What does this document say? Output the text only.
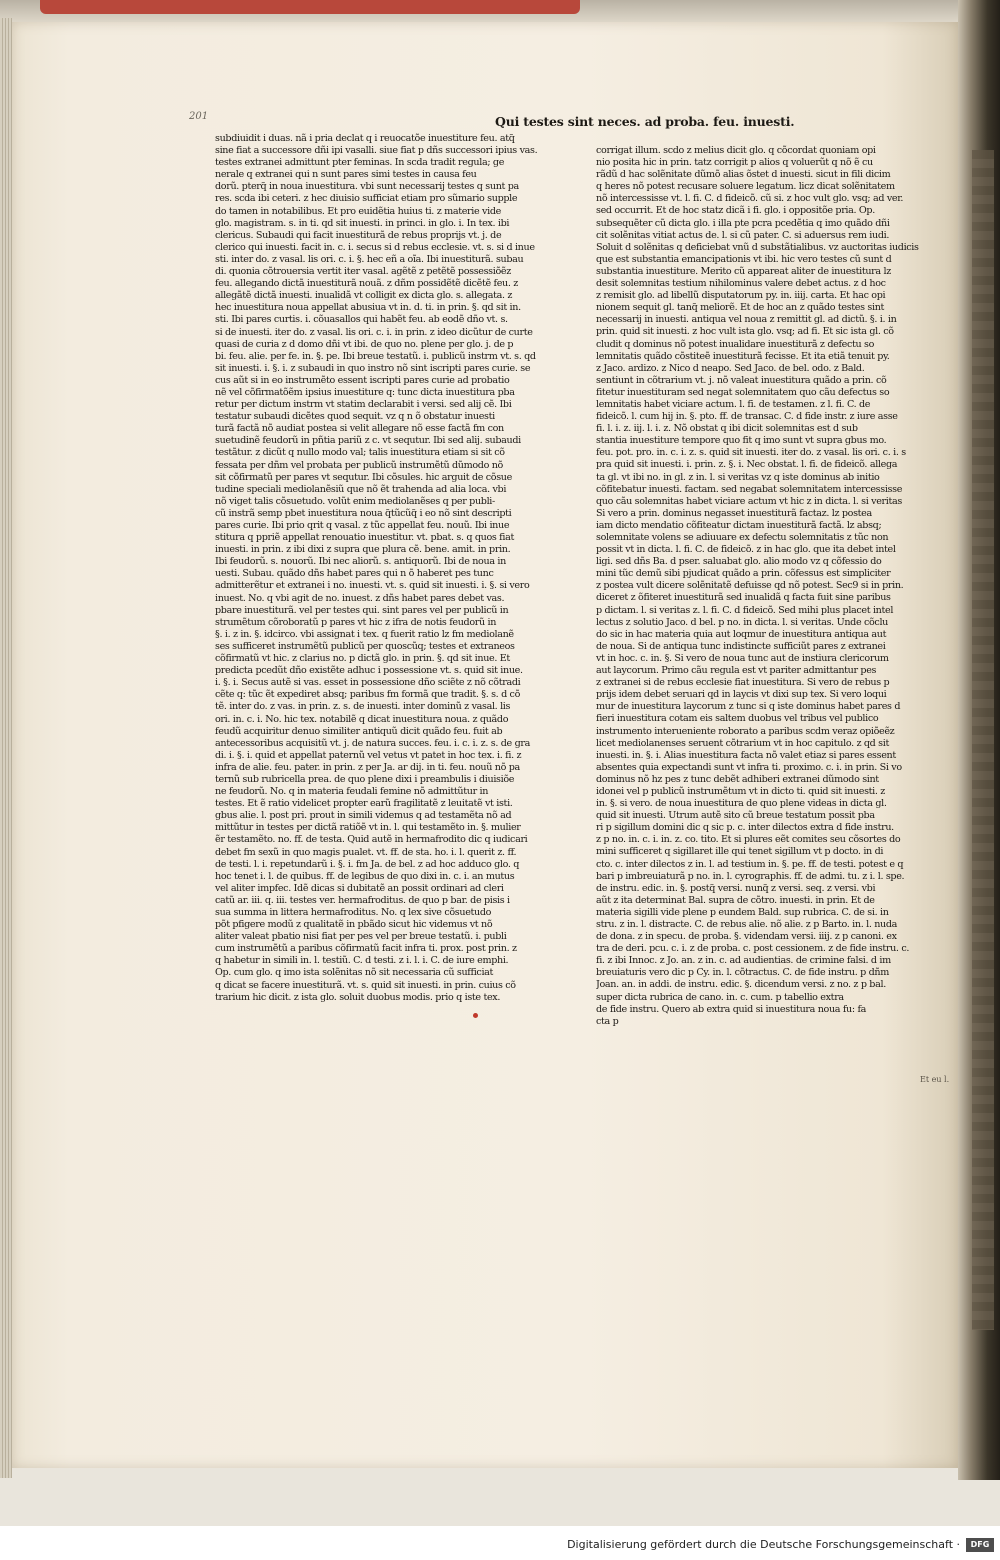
201	Qui testes sint neces. ad proba. feu. inuesti.
subdiuidit i duas. nã i pria declat q i reuocatõe inuestiture feu. atq̃
sine fiat a successore dñi ipi vasalli. siue fiat p dñs successori ipius vas.
testes extranei admittunt pter feminas. In scda tradit regula; ge
nerale q extranei qui n sunt pares simi testes in causa feu
dorũ. pterq̃ in noua inuestitura. vbi sunt necessarij testes q sunt pa
res. scda ibi ceteri. z hec diuisio sufficiat etiam pro sũmario supple
do tamen in notabilibus. Et pro euidẽtia huius ti. z materie vide
glo. magistram. s. in ti. qd sit inuesti. in princi. in glo. i. In tex. ibi
clericus. Subaudi qui facit inuestiturã de rebus proprijs vt. j. de
clerico qui inuesti. facit in. c. i. secus si d rebus ecclesie. vt. s. si d inue
sti. inter do. z vasal. lis ori. c. i. §. hec eñ a oĩa. Ibi inuestiturã. subau
di. quonia cõtrouersia vertit iter vasal. agẽtẽ z petẽtẽ possessiõẽz
feu. allegando dictã inuestiturã nouã. z dñm possidẽtẽ dicẽtẽ feu. z
allegãtẽ dictã inuesti. inualidã vt colligit ex dicta glo. s. allegata. z
hec inuestitura noua appellat abusiua vt in. d. ti. in prin. §. qd sit in.
sti. Ibi pares curtis. i. cõuasallos qui habẽt feu. ab eodẽ dño vt. s.
si de inuesti. iter do. z vasal. lis ori. c. i. in prin. z ideo dicũtur de curte
quasi de curia z d domo dñi vt ibi. de quo no. plene per glo. j. de p
bi. feu. alie. per fe. in. §. pe. Ibi breue testatũ. i. publicũ instrm vt. s. qd
sit inuesti. i. §. i. z subaudi in quo instro nõ sint iscripti pares curie. se
cus aũt si in eo instrumẽto essent iscripti pares curie ad probatio
nẽ vel cõfirmatõẽm ipsius inuestiture q: tunc dicta inuestitura pba
retur per dictum instrm vt statim declarabit i versi. sed alij cẽ. Ibi
testatur subaudi dicẽtes quod sequit. vz q n õ obstatur inuesti
turã factã nõ audiat postea si velit allegare nõ esse factã fm con
suetudinẽ feudorũ in pñtia pariũ z c. vt sequtur. Ibi sed alij. subaudi
testãtur. z dicũt q nullo modo val; talis inuestitura etiam si sit cõ
fessata per dñm vel probata per publicũ instrumẽtũ dũmodo nõ
sit cõfirmatũ per pares vt sequtur. Ibi cõsules. hic arguit de cõsue
tudine speciali mediolanẽsiũ que nõ ẽt trahenda ad alia loca. vbi
nõ viget talis cõsuetudo. volũt enim mediolanẽses q per publi-
cũ instrã semp pbet inuestitura noua q̃tũcũq̃ i eo nõ sint descripti
pares curie. Ibi prio qrit q vasal. z tũc appellat feu. nouũ. Ibi inue
stitura q ppriẽ appellat renouatio inuestitur. vt. pbat. s. q quos fiat
inuesti. in prin. z ibi dixi z supra que plura cẽ. bene. amit. in prin.
Ibi feudorũ. s. nouorũ. Ibi nec aliorũ. s. antiquorũ. Ibi de noua in
uesti. Subau. quãdo dñs habet pares qui n õ haberet pes tunc
admitterẽtur et extranei i no. inuesti. vt. s. quid sit inuesti. i. §. si vero
inuest. No. q vbi agit de no. inuest. z dñs habet pares debet vas.
pbare inuestiturã. vel per testes qui. sint pares vel per publicũ in
strumẽtum cõroboratũ p pares vt hic z ifra de notis feudorũ in
§. i. z in. §. idcirco. vbi assignat i tex. q fuerit ratio lz fm mediolanẽ
ses sufficeret instrumẽtũ publicũ per quoscũq; testes et extraneos
cõfirmatũ vt hic. z clarius no. p dictã glo. in prin. §. qd sit inue. Et
predicta pcedũt dño existẽte adhuc i possessione vt. s. quid sit inue.
i. §. i. Secus autẽ si vas. esset in possessione dño sciẽte z nõ cõtradi
cẽte q: tũc ẽt expediret absq; paribus fm formã que tradit. §. s. d cõ
tẽ. inter do. z vas. in prin. z. s. de inuesti. inter dominũ z vasal. lis
ori. in. c. i. No. hic tex. notabilẽ q dicat inuestitura noua. z quãdo
feudũ acquiritur denuo similiter antiquũ dicit quãdo feu. fuit ab
antecessoribus acquisitũ vt. j. de natura succes. feu. i. c. i. z. s. de gra
di. i. §. i. quid et appellat paternũ vel vetus vt patet in hoc tex. i. fi. z
infra de alie. feu. pater. in prin. z per Ja. ar dij. in ti. feu. nouũ nõ pa
ternũ sub rubricella prea. de quo plene dixi i preambulis i diuisiõe
ne feudorũ. No. q in materia feudali femine nõ admittũtur in
testes. Et ẽ ratio videlicet propter earũ fragilitatẽ z leuitatẽ vt isti.
gbus alie. l. post pri. prout in simili videmus q ad testamẽta nõ ad
mittũtur in testes per dictã ratiõẽ vt in. l. qui testamẽto in. §. mulier
ẽr testamẽto. no. ff. de testa. Quid autẽ in hermafrodito dic q iudicari
debet fm sexũ in quo magis pualet. vt. ff. de sta. ho. i. l. querit z. ff.
de testi. l. i. repetundarũ i. §. i. fm Ja. de bel. z ad hoc adduco glo. q
hoc tenet i. l. de quibus. ff. de legibus de quo dixi in. c. i. an mutus
vel aliter impfec. Idẽ dicas si dubitatẽ an possit ordinari ad cleri
catũ ar. iii. q. iii. testes ver. hermafroditus. de quo p bar. de pisis i
sua summa in littera hermafroditus. No. q lex sive cõsuetudo
põt pfigere modũ z qualitatẽ in pbãdo sicut hic videmus vt nõ
aliter valeat pbatio nisi fiat per pes vel per breue testatũ. i. publi
cum instrumẽtũ a paribus cõfirmatũ facit infra ti. prox. post prin. z
q habetur in simili in. l. testiũ. C. d testi. z i. l. i. C. de iure emphi.
Op. cum glo. q imo ista solẽnitas nõ sit necessaria cũ sufficiat
q dicat se facere inuestiturã. vt. s. quid sit inuesti. in prin. cuius cõ
trarium hic dicit. z ista glo. soluit duobus modis. prio q iste tex.
corrigat illum. scdo z melius dicit glo. q cõcordat quoniam opi
nio posita hic in prin. tatz corrigit p alios q voluerũt q nõ ẽ cu
rãdũ d hac solẽnitate dũmõ alias õstet d inuesti. sicut in fili dicim
q heres nõ potest recusare soluere legatum. licz dicat solẽnitatem
nõ intercessisse vt. l. fi. C. d fideicõ. cũ si. z hoc vult glo. vsq; ad ver.
sed occurrit. Et de hoc statz dicã i fi. glo. i oppositõe pria. Op.
subsequẽter cũ dicta glo. i illa pte pcra pcedẽtia q imo quãdo dñi
cit solẽnitas vitiat actus de. l. si cũ pater. C. si aduersus rem iudi.
Soluit d solẽnitas q deficiebat vnũ d substãtialibus. vz auctoritas iudicis
que est substantia emancipationis vt ibi. hic vero testes cũ sunt d
substantia inuestiture. Merito cũ appareat aliter de inuestitura lz
desit solemnitas testium nihilominus valere debet actus. z d hoc
z remisit glo. ad libellũ disputatorum py. in. iiij. carta. Et hac opi
nionem sequit gl. tanq̃ meliorẽ. Et de hoc an z quãdo testes sint
necessarij in inuesti. antiqua vel noua z remittit gl. ad dictũ. §. i. in
prin. quid sit inuesti. z hoc vult ista glo. vsq; ad fi. Et sic ista gl. cõ
cludit q dominus nõ potest inualidare inuestiturã z defectu so
lemnitatis quãdo cõstiteẽ inuestiturã fecisse. Et ita etiã tenuit py.
z Jaco. ardizo. z Nico d neapo. Sed Jaco. de bel. odo. z Bald.
sentiunt in cõtrarium vt. j. nõ valeat inuestitura quãdo a prin. cõ
fitetur inuestituram sed negat solemnitatem quo cãu defectus so
lemnitatis habet viciare actum. l. fi. de testamen. z l. fi. C. de
fideicõ. l. cum hij in. §. pto. ff. de transac. C. d fide instr. z iure asse
fi. l. i. z. iij. l. i. z. Nõ obstat q ibi dicit solemnitas est d sub
stantia inuestiture tempore quo fit q imo sunt vt supra gbus mo.
feu. pot. pro. in. c. i. z. s. quid sit inuesti. iter do. z vasal. lis ori. c. i. s
pra quid sit inuesti. i. prin. z. §. i. Nec obstat. l. fi. de fideicõ. allega
ta gl. vt ibi no. in gl. z in. l. si veritas vz q iste dominus ab initio
cõfitebatur inuesti. factam. sed negabat solemnitatem intercessisse
quo cãu solemnitas habet viciare actum vt hic z in dicta. l. si veritas
Si vero a prin. dominus negasset inuestiturã factaz. lz postea
iam dicto mendatio cõfiteatur dictam inuestiturã factã. lz absq;
solemnitate volens se adiuuare ex defectu solemnitatis z tũc non
possit vt in dicta. l. fi. C. de fideicõ. z in hac glo. que ita debet intel
ligi. sed dñs Ba. d pser. saluabat glo. alio modo vz q cõfessio do
mini tũc demũ sibi pjudicat quãdo a prin. cõfessus est simpliciter
z postea vult dicere solẽnitatẽ defuisse qd nõ potest. Sec9 si in prin.
diceret z õfiteret inuestiturã sed inualidã q facta fuit sine paribus
p dictam. l. si veritas z. l. fi. C. d fideicõ. Sed mihi plus placet intel
lectus z solutio Jaco. d bel. p no. in dicta. l. si veritas. Unde cõclu
do sic in hac materia quia aut loqmur de inuestitura antiqua aut
de noua. Si de antiqua tunc indistincte sufficiũt pares z extranei
vt in hoc. c. in. §. Si vero de noua tunc aut de instiura clericorum
aut laycorum. Primo cãu regula est vt pariter admittantur pes
z extranei si de rebus ecclesie fiat inuestitura. Si vero de rebus p
prijs idem debet seruari qd in laycis vt dixi sup tex. Si vero loqui
mur de inuestitura laycorum z tunc si q iste dominus habet pares d
fieri inuestitura cotam eis saltem duobus vel tribus vel publico
instrumento interueniente roborato a paribus scdm veraz opiõeẽz
licet mediolanenses seruent cõtrarium vt in hoc capitulo. z qd sit
inuesti. in. §. i. Alias inuestitura facta nõ valet etiaz si pares essent
absentes quia expectandi sunt vt infra ti. proximo. c. i. in prin. Si vo
dominus nõ hz pes z tunc debẽt adhiberi extranei dũmodo sint
idonei vel p publicũ instrumẽtum vt in dicto ti. quid sit inuesti. z
in. §. si vero. de noua inuestitura de quo plene videas in dicta gl.
quid sit inuesti. Utrum autẽ sito cũ breue testatum possit pba
ri p sigillum domini dic q sic p. c. inter dilectos extra d fide instru.
z p no. in. c. i. in. z. co. tito. Et si plures eẽt comites seu cõsortes do
mini sufficeret q sigillaret ille qui tenet sigillum vt p docto. in di
cto. c. inter dilectos z in. l. ad testium in. §. pe. ff. de testi. potest e q
bari p imbreuiaturã p no. in. l. cyrographis. ff. de admi. tu. z i. l. spe.
de instru. edic. in. §. postq̃ versi. nunq̃ z versi. seq. z versi. vbi
aũt z ita determinat Bal. supra de cõtro. inuesti. in prin. Et de
materia sigilli vide plene p eundem Bald. sup rubrica. C. de si. in
stru. z in. l. distracte. C. de rebus alie. nõ alie. z p Barto. in. l. nuda
de dona. z in specu. de proba. §. videndam versi. iiij. z p canoni. ex
tra de deri. pcu. c. i. z de proba. c. post cessionem. z de fide instru. c.
fi. z ibi Innoc. z Jo. an. z in. c. ad audientias. de crimine falsi. d im
breuiaturis vero dic p Cy. in. l. cõtractus. C. de fide instru. p dñm
Joan. an. in addi. de instru. edic. §. dicendum versi. z no. z p bal.
super dicta rubrica de cano. in. c. cum. p tabellio extra
de fide instru. Quero ab extra quid si inuestitura noua fu: fa
cta p
Et eu l.
Digitalisierung gefördert durch die Deutsche Forschungsgemeinschaft ·	DFG
